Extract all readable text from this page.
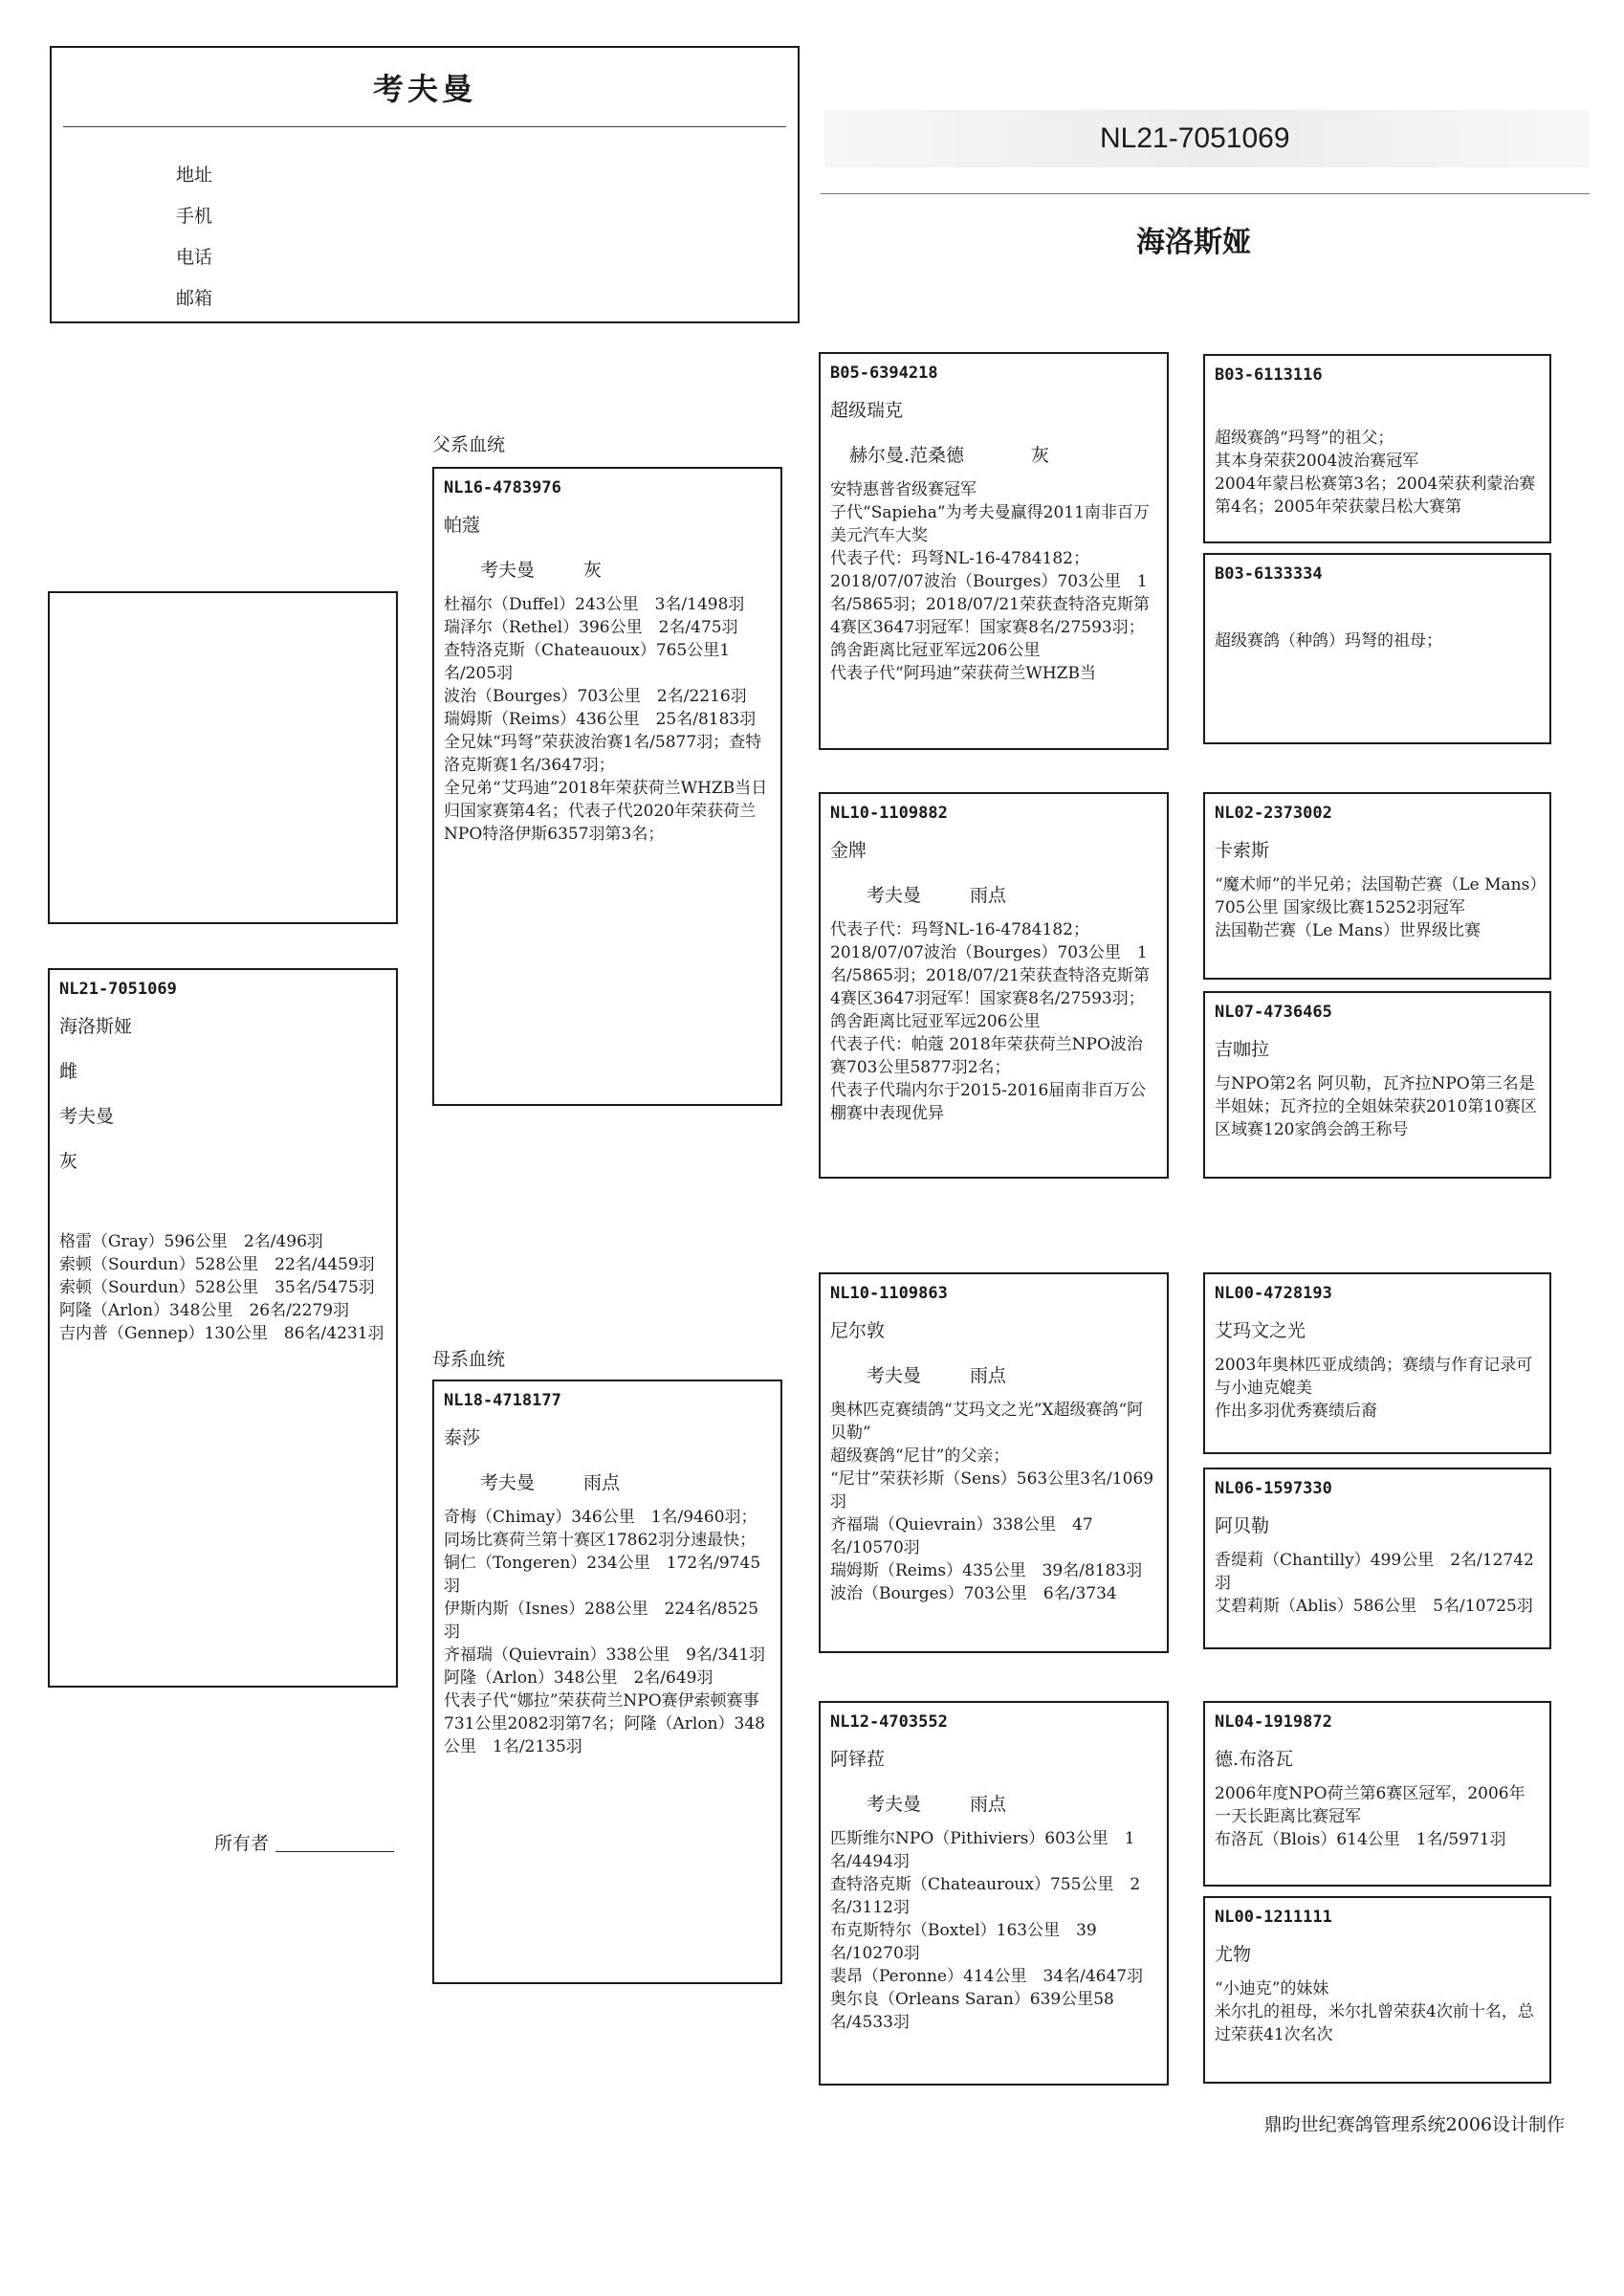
考夫曼
地址
手机
电话
邮箱
NL21-7051069
海洛斯娅
NL21-7051069
海洛斯娅
雌
考夫曼
灰
格雷（Gray）596公里　2名/496羽
索顿（Sourdun）528公里　22名/4459羽
索顿（Sourdun）528公里　35名/5475羽
阿隆（Arlon）348公里　26名/2279羽
吉内普（Gennep）130公里　86名/4231羽
所有者
父系血统
母系血统
NL16-4783976
帕蔻
考夫曼	灰
杜福尔（Duffel）243公里　3名/1498羽
瑞泽尔（Rethel）396公里　2名/475羽
查特洛克斯（Chateauoux）765公里1名/205羽
波治（Bourges）703公里　2名/2216羽
瑞姆斯（Reims）436公里　25名/8183羽
全兄妹“玛弩”荣获波治赛1名/5877羽；查特洛克斯赛1名/3647羽；
全兄弟“艾玛迪”2018年荣获荷兰WHZB当日归国家赛第4名；代表子代2020年荣获荷兰NPO特洛伊斯6357羽第3名；
NL18-4718177
泰莎
考夫曼	雨点
奇梅（Chimay）346公里　1名/9460羽；同场比赛荷兰第十赛区17862羽分速最快；
铜仁（Tongeren）234公里　172名/9745羽
伊斯内斯（Isnes）288公里　224名/8525羽
齐福瑞（Quievrain）338公里　9名/341羽
阿隆（Arlon）348公里　2名/649羽
代表子代“娜拉”荣获荷兰NPO赛伊索顿赛事731公里2082羽第7名；阿隆（Arlon）348公里　1名/2135羽
B05-6394218
超级瑞克
赫尔曼.范桑德	灰
安特惠普省级赛冠军
子代“Sapieha”为考夫曼赢得2011南非百万美元汽车大奖
代表子代：玛弩NL-16-4784182；2018/07/07波治（Bourges）703公里　1名/5865羽；2018/07/21荣获查特洛克斯第4赛区3647羽冠军！国家赛8名/27593羽；鸽舍距离比冠亚军远206公里
代表子代“阿玛迪”荣获荷兰WHZB当
NL10-1109882
金牌
考夫曼	雨点
代表子代：玛弩NL-16-4784182；2018/07/07波治（Bourges）703公里　1名/5865羽；2018/07/21荣获查特洛克斯第4赛区3647羽冠军！国家赛8名/27593羽；鸽舍距离比冠亚军远206公里
代表子代：帕蔻 2018年荣获荷兰NPO波治赛703公里5877羽2名；
代表子代瑞内尔于2015-2016届南非百万公棚赛中表现优异
NL10-1109863
尼尔敦
考夫曼	雨点
奥林匹克赛绩鸽“艾玛文之光”X超级赛鸽“阿贝勒”
超级赛鸽“尼甘”的父亲；
“尼甘”荣获衫斯（Sens）563公里3名/1069羽
齐福瑞（Quievrain）338公里　47名/10570羽
瑞姆斯（Reims）435公里　39名/8183羽
波治（Bourges）703公里　6名/3734
NL12-4703552
阿铎菈
考夫曼	雨点
匹斯维尔NPO（Pithiviers）603公里　1名/4494羽
查特洛克斯（Chateauroux）755公里　2名/3112羽
布克斯特尔（Boxtel）163公里　39名/10270羽
裴昂（Peronne）414公里　34名/4647羽
奥尔良（Orleans Saran）639公里58名/4533羽
B03-6113116
超级赛鸽“玛弩”的祖父；
其本身荣获2004波治赛冠军
2004年蒙吕松赛第3名；2004荣获利蒙治赛第4名；2005年荣获蒙吕松大赛第
B03-6133334
超级赛鸽（种鸽）玛弩的祖母；
NL02-2373002
卡索斯
“魔术师”的半兄弟；法国勒芒赛（Le Mans）705公里 国家级比赛15252羽冠军
法国勒芒赛（Le Mans）世界级比赛
NL07-4736465
吉咖拉
与NPO第2名 阿贝勒，瓦齐拉NPO第三名是半姐妹；瓦齐拉的全姐妹荣获2010第10赛区区域赛120家鸽会鸽王称号
NL00-4728193
艾玛文之光
2003年奥林匹亚成绩鸽；赛绩与作育记录可与小迪克媲美
作出多羽优秀赛绩后裔
NL06-1597330
阿贝勒
香缇莉（Chantilly）499公里　2名/12742羽
艾碧莉斯（Ablis）586公里　5名/10725羽
NL04-1919872
德.布洛瓦
2006年度NPO荷兰第6赛区冠军，2006年一天长距离比赛冠军
布洛瓦（Blois）614公里　1名/5971羽
NL00-1211111
尤物
“小迪克”的妹妹
米尔扎的祖母，米尔扎曾荣获4次前十名，总过荣获41次名次
鼎昀世纪赛鸽管理系统2006设计制作
